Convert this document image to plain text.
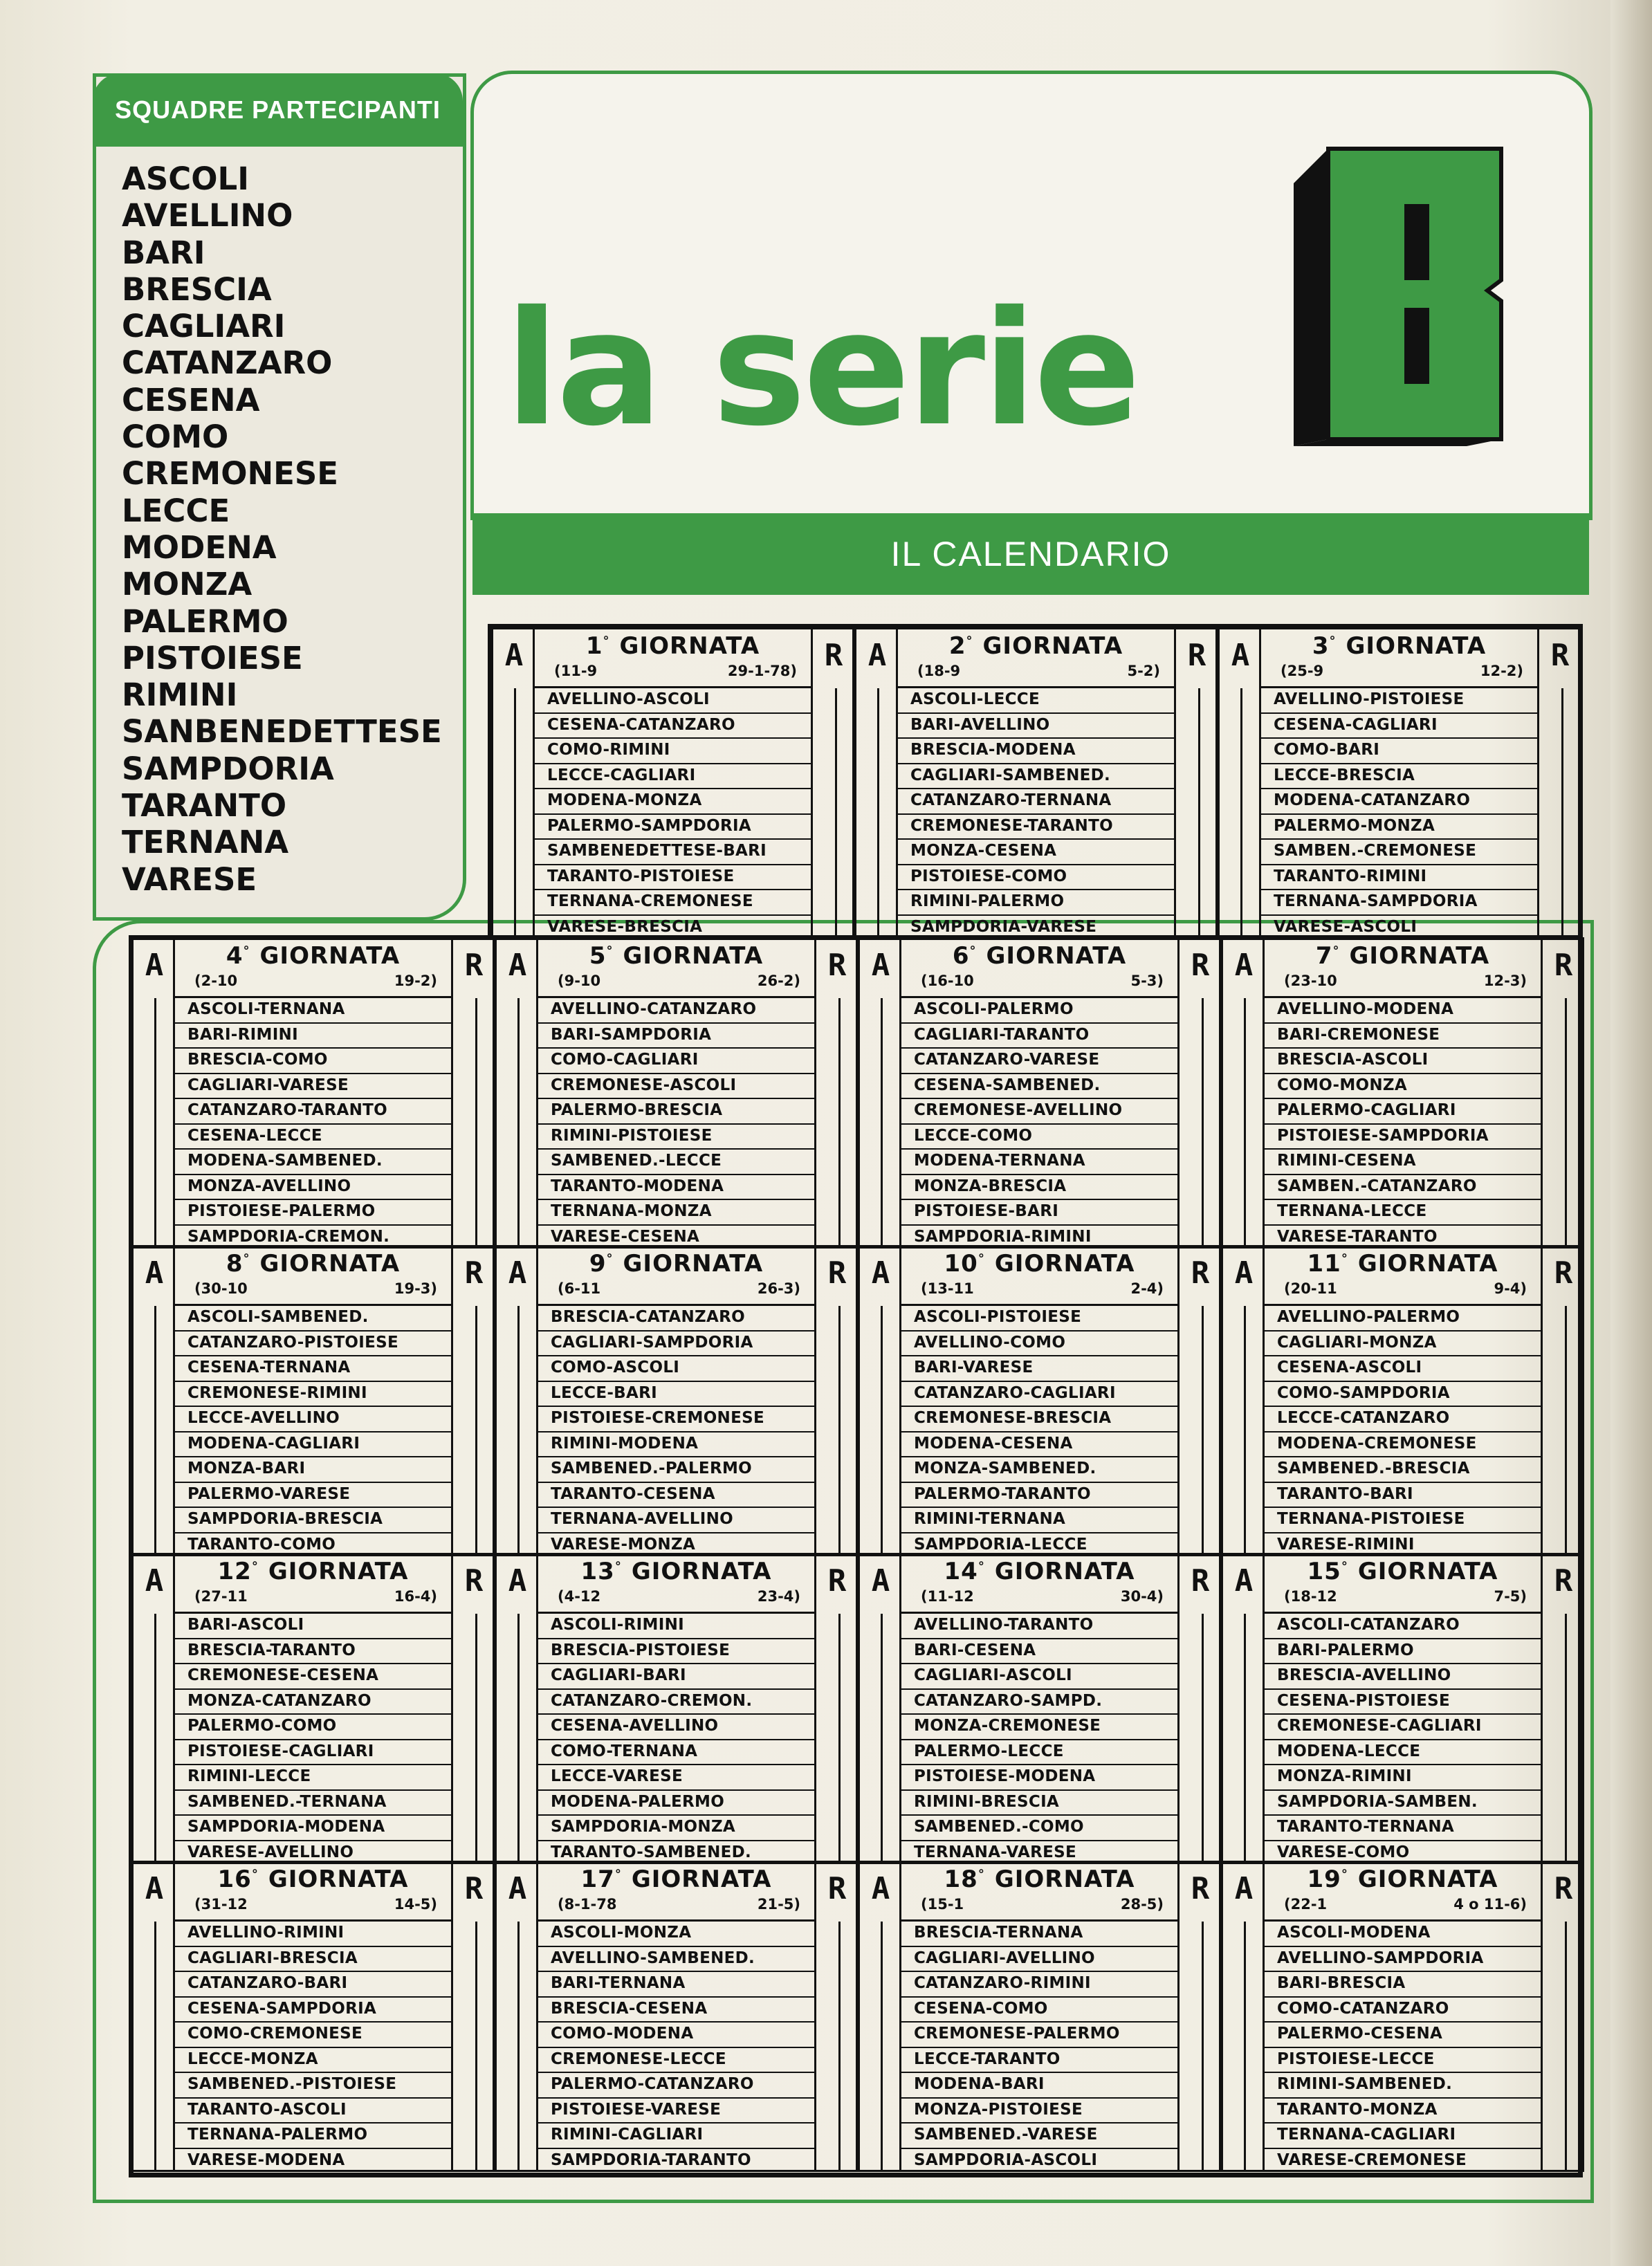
SQUADRE PARTECIPANTI
ASCOLI
AVELLINO
BARI
BRESCIA
CAGLIARI
CATANZARO
CESENA
COMO
CREMONESE
LECCE
MODENA
MONZA
PALERMO
PISTOIESE
RIMINI
SANBENEDETTESE
SAMPDORIA
TARANTO
TERNANA
VARESE
la serie
B
IL CALENDARIO
A	R
1° GIORNATA
(11-9	29-1-78)
AVELLINO-ASCOLI
CESENA-CATANZARO
COMO-RIMINI
LECCE-CAGLIARI
MODENA-MONZA
PALERMO-SAMPDORIA
SAMBENEDETTESE-BARI
TARANTO-PISTOIESE
TERNANA-CREMONESE
VARESE-BRESCIA
A	R
2° GIORNATA
(18-9	5-2)
ASCOLI-LECCE
BARI-AVELLINO
BRESCIA-MODENA
CAGLIARI-SAMBENED.
CATANZARO-TERNANA
CREMONESE-TARANTO
MONZA-CESENA
PISTOIESE-COMO
RIMINI-PALERMO
SAMPDORIA-VARESE
A	R
3° GIORNATA
(25-9	12-2)
AVELLINO-PISTOIESE
CESENA-CAGLIARI
COMO-BARI
LECCE-BRESCIA
MODENA-CATANZARO
PALERMO-MONZA
SAMBEN.-CREMONESE
TARANTO-RIMINI
TERNANA-SAMPDORIA
VARESE-ASCOLI
A	R
4° GIORNATA
(2-10	19-2)
ASCOLI-TERNANA
BARI-RIMINI
BRESCIA-COMO
CAGLIARI-VARESE
CATANZARO-TARANTO
CESENA-LECCE
MODENA-SAMBENED.
MONZA-AVELLINO
PISTOIESE-PALERMO
SAMPDORIA-CREMON.
A	R
5° GIORNATA
(9-10	26-2)
AVELLINO-CATANZARO
BARI-SAMPDORIA
COMO-CAGLIARI
CREMONESE-ASCOLI
PALERMO-BRESCIA
RIMINI-PISTOIESE
SAMBENED.-LECCE
TARANTO-MODENA
TERNANA-MONZA
VARESE-CESENA
A	R
6° GIORNATA
(16-10	5-3)
ASCOLI-PALERMO
CAGLIARI-TARANTO
CATANZARO-VARESE
CESENA-SAMBENED.
CREMONESE-AVELLINO
LECCE-COMO
MODENA-TERNANA
MONZA-BRESCIA
PISTOIESE-BARI
SAMPDORIA-RIMINI
A	R
7° GIORNATA
(23-10	12-3)
AVELLINO-MODENA
BARI-CREMONESE
BRESCIA-ASCOLI
COMO-MONZA
PALERMO-CAGLIARI
PISTOIESE-SAMPDORIA
RIMINI-CESENA
SAMBEN.-CATANZARO
TERNANA-LECCE
VARESE-TARANTO
A	R
8° GIORNATA
(30-10	19-3)
ASCOLI-SAMBENED.
CATANZARO-PISTOIESE
CESENA-TERNANA
CREMONESE-RIMINI
LECCE-AVELLINO
MODENA-CAGLIARI
MONZA-BARI
PALERMO-VARESE
SAMPDORIA-BRESCIA
TARANTO-COMO
A	R
9° GIORNATA
(6-11	26-3)
BRESCIA-CATANZARO
CAGLIARI-SAMPDORIA
COMO-ASCOLI
LECCE-BARI
PISTOIESE-CREMONESE
RIMINI-MODENA
SAMBENED.-PALERMO
TARANTO-CESENA
TERNANA-AVELLINO
VARESE-MONZA
A	R
10° GIORNATA
(13-11	2-4)
ASCOLI-PISTOIESE
AVELLINO-COMO
BARI-VARESE
CATANZARO-CAGLIARI
CREMONESE-BRESCIA
MODENA-CESENA
MONZA-SAMBENED.
PALERMO-TARANTO
RIMINI-TERNANA
SAMPDORIA-LECCE
A	R
11° GIORNATA
(20-11	9-4)
AVELLINO-PALERMO
CAGLIARI-MONZA
CESENA-ASCOLI
COMO-SAMPDORIA
LECCE-CATANZARO
MODENA-CREMONESE
SAMBENED.-BRESCIA
TARANTO-BARI
TERNANA-PISTOIESE
VARESE-RIMINI
A	R
12° GIORNATA
(27-11	16-4)
BARI-ASCOLI
BRESCIA-TARANTO
CREMONESE-CESENA
MONZA-CATANZARO
PALERMO-COMO
PISTOIESE-CAGLIARI
RIMINI-LECCE
SAMBENED.-TERNANA
SAMPDORIA-MODENA
VARESE-AVELLINO
A	R
13° GIORNATA
(4-12	23-4)
ASCOLI-RIMINI
BRESCIA-PISTOIESE
CAGLIARI-BARI
CATANZARO-CREMON.
CESENA-AVELLINO
COMO-TERNANA
LECCE-VARESE
MODENA-PALERMO
SAMPDORIA-MONZA
TARANTO-SAMBENED.
A	R
14° GIORNATA
(11-12	30-4)
AVELLINO-TARANTO
BARI-CESENA
CAGLIARI-ASCOLI
CATANZARO-SAMPD.
MONZA-CREMONESE
PALERMO-LECCE
PISTOIESE-MODENA
RIMINI-BRESCIA
SAMBENED.-COMO
TERNANA-VARESE
A	R
15° GIORNATA
(18-12	7-5)
ASCOLI-CATANZARO
BARI-PALERMO
BRESCIA-AVELLINO
CESENA-PISTOIESE
CREMONESE-CAGLIARI
MODENA-LECCE
MONZA-RIMINI
SAMPDORIA-SAMBEN.
TARANTO-TERNANA
VARESE-COMO
A	R
16° GIORNATA
(31-12	14-5)
AVELLINO-RIMINI
CAGLIARI-BRESCIA
CATANZARO-BARI
CESENA-SAMPDORIA
COMO-CREMONESE
LECCE-MONZA
SAMBENED.-PISTOIESE
TARANTO-ASCOLI
TERNANA-PALERMO
VARESE-MODENA
A	R
17° GIORNATA
(8-1-78	21-5)
ASCOLI-MONZA
AVELLINO-SAMBENED.
BARI-TERNANA
BRESCIA-CESENA
COMO-MODENA
CREMONESE-LECCE
PALERMO-CATANZARO
PISTOIESE-VARESE
RIMINI-CAGLIARI
SAMPDORIA-TARANTO
A	R
18° GIORNATA
(15-1	28-5)
BRESCIA-TERNANA
CAGLIARI-AVELLINO
CATANZARO-RIMINI
CESENA-COMO
CREMONESE-PALERMO
LECCE-TARANTO
MODENA-BARI
MONZA-PISTOIESE
SAMBENED.-VARESE
SAMPDORIA-ASCOLI
A	R
19° GIORNATA
(22-1	4 o 11-6)
ASCOLI-MODENA
AVELLINO-SAMPDORIA
BARI-BRESCIA
COMO-CATANZARO
PALERMO-CESENA
PISTOIESE-LECCE
RIMINI-SAMBENED.
TARANTO-MONZA
TERNANA-CAGLIARI
VARESE-CREMONESE
